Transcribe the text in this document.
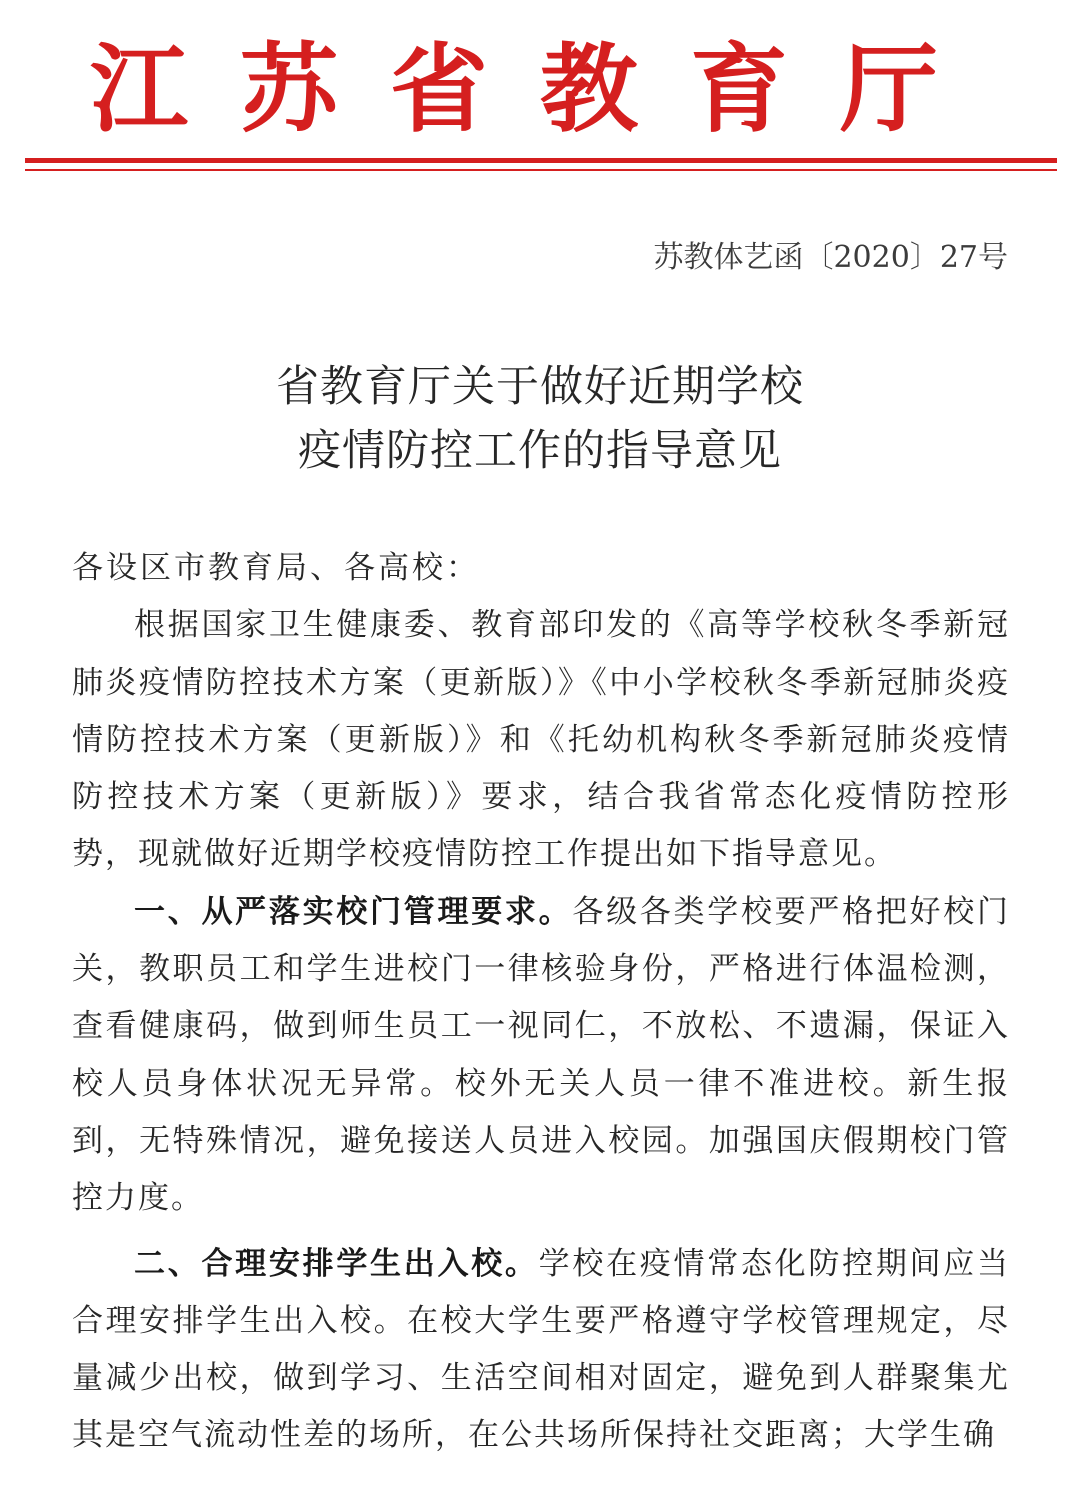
江苏省教育厅
苏教体艺函〔2020〕27号
省教育厅关于做好近期学校
疫情防控工作的指导意见

各设区市教育局、各高校：

根据国家卫生健康委、教育部印发的《高等学校秋冬季新冠肺炎疫情防控技术方案（更新版）》《中小学校秋冬季新冠肺炎疫情防控技术方案（更新版）》和《托幼机构秋冬季新冠肺炎疫情防控技术方案（更新版）》要求，结合我省常态化疫情防控形势，现就做好近期学校疫情防控工作提出如下指导意见。

一、从严落实校门管理要求。各级各类学校要严格把好校门关，教职员工和学生进校门一律核验身份，严格进行体温检测，查看健康码，做到师生员工一视同仁，不放松、不遗漏，保证入校人员身体状况无异常。校外无关人员一律不准进校。新生报到，无特殊情况，避免接送人员进入校园。加强国庆假期校门管控力度。

二、合理安排学生出入校。学校在疫情常态化防控期间应当合理安排学生出入校。在校大学生要严格遵守学校管理规定，尽量减少出校，做到学习、生活空间相对固定，避免到人群聚集尤其是空气流动性差的场所，在公共场所保持社交距离；大学生确
